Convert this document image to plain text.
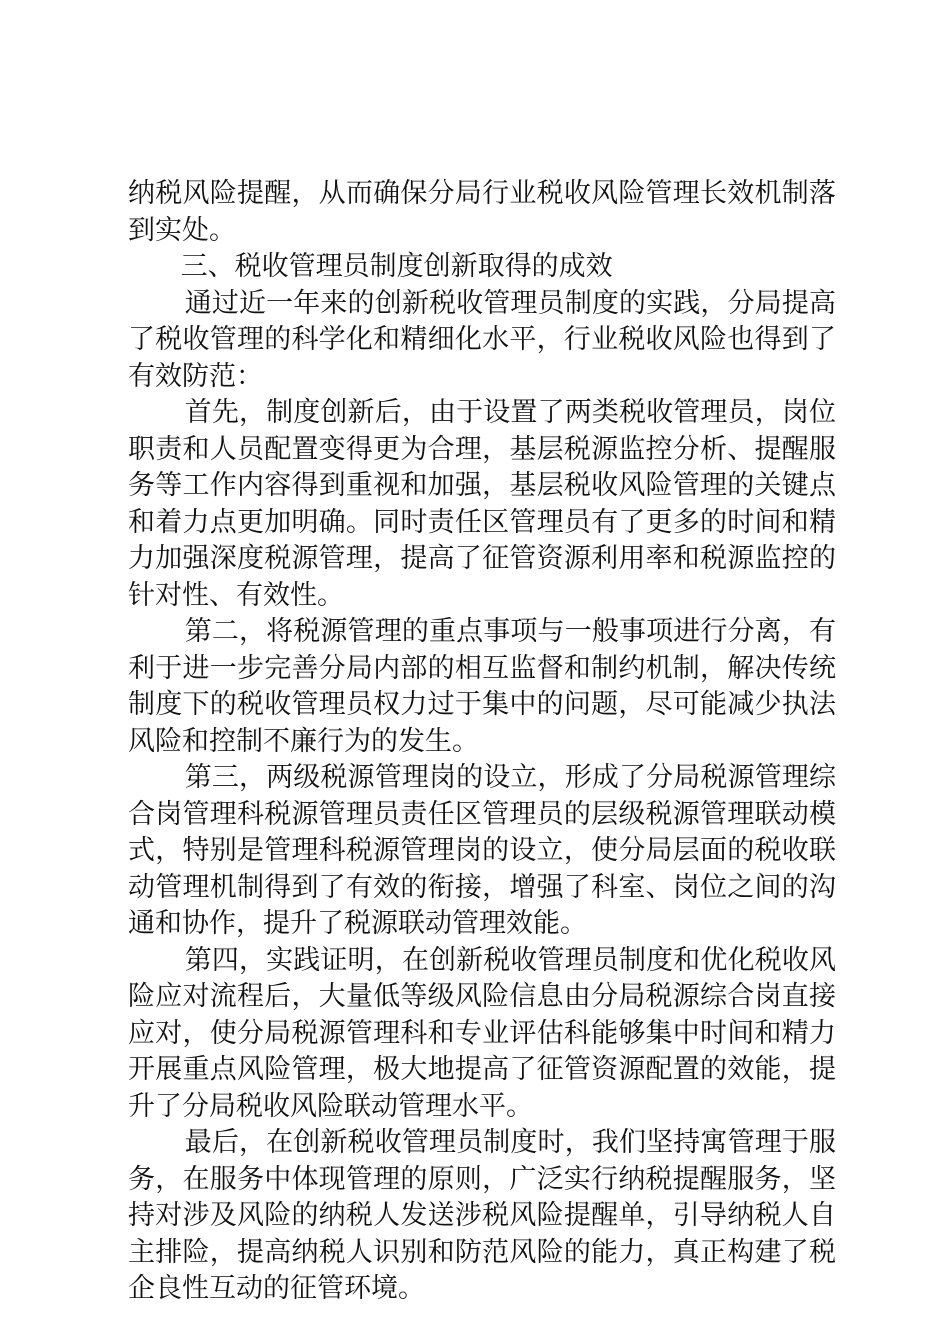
纳税风险提醒，从而确保分局行业税收风险管理长效机制落到实处。

三、税收管理员制度创新取得的成效

通过近一年来的创新税收管理员制度的实践，分局提高了税收管理的科学化和精细化水平，行业税收风险也得到了有效防范：

首先，制度创新后，由于设置了两类税收管理员，岗位职责和人员配置变得更为合理，基层税源监控分析、提醒服务等工作内容得到重视和加强，基层税收风险管理的关键点和着力点更加明确。同时责任区管理员有了更多的时间和精力加强深度税源管理，提高了征管资源利用率和税源监控的针对性、有效性。

第二，将税源管理的重点事项与一般事项进行分离，有利于进一步完善分局内部的相互监督和制约机制，解决传统制度下的税收管理员权力过于集中的问题，尽可能减少执法风险和控制不廉行为的发生。

第三，两级税源管理岗的设立，形成了分局税源管理综合岗管理科税源管理员责任区管理员的层级税源管理联动模式，特别是管理科税源管理岗的设立，使分局层面的税收联动管理机制得到了有效的衔接，增强了科室、岗位之间的沟通和协作，提升了税源联动管理效能。

第四，实践证明，在创新税收管理员制度和优化税收风险应对流程后，大量低等级风险信息由分局税源综合岗直接应对，使分局税源管理科和专业评估科能够集中时间和精力开展重点风险管理，极大地提高了征管资源配置的效能，提升了分局税收风险联动管理水平。

最后，在创新税收管理员制度时，我们坚持寓管理于服务，在服务中体现管理的原则，广泛实行纳税提醒服务，坚持对涉及风险的纳税人发送涉税风险提醒单，引导纳税人自主排险，提高纳税人识别和防范风险的能力，真正构建了税企良性互动的征管环境。
